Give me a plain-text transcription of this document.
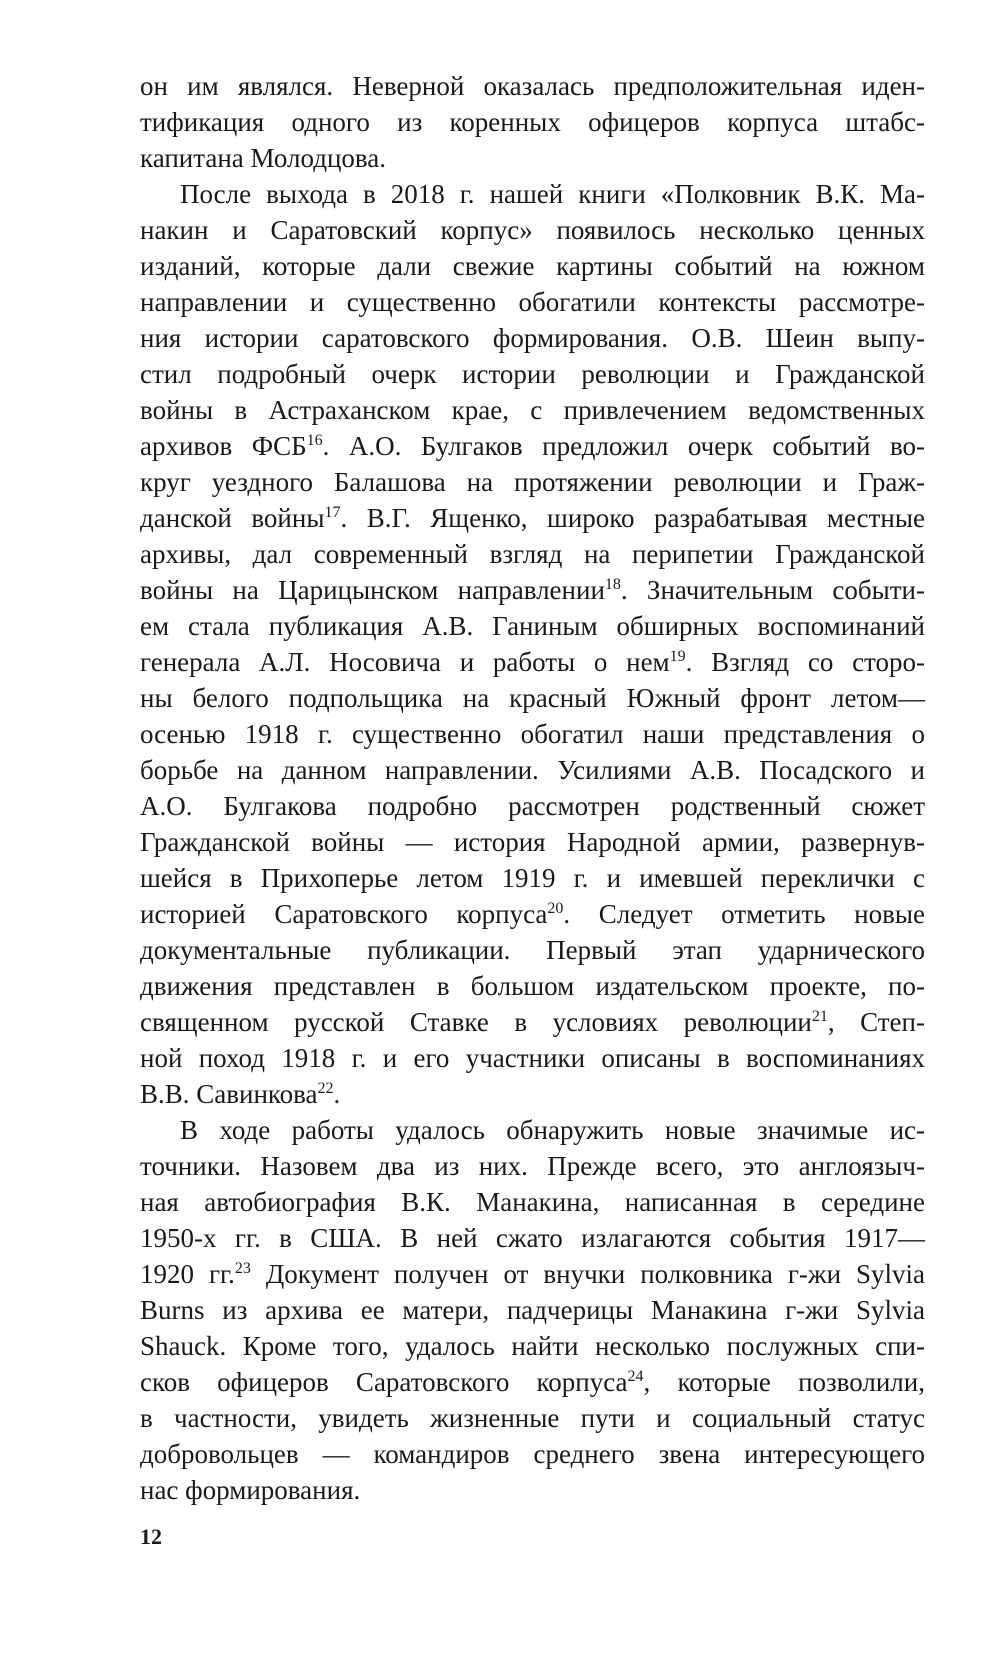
он им являлся. Неверной оказалась предположительная иден-
тификация одного из коренных офицеров корпуса штабс-
капитана Молодцова.
После выхода в 2018 г. нашей книги «Полковник В.К. Ма-
накин и Саратовский корпус» появилось несколько ценных
изданий, которые дали свежие картины событий на южном
направлении и существенно обогатили контексты рассмотре-
ния истории саратовского формирования. О.В. Шеин выпу-
стил подробный очерк истории революции и Гражданской
войны в Астраханском крае, с привлечением ведомственных
архивов ФСБ$^{16}$. А.О. Булгаков предложил очерк событий во-
круг уездного Балашова на протяжении революции и Граж-
данской войны$^{17}$. В.Г. Ященко, широко разрабатывая местные
архивы, дал современный взгляд на перипетии Гражданской
войны на Царицынском направлении$^{18}$. Значительным событи-
ем стала публикация А.В. Ганиным обширных воспоминаний
генерала А.Л. Носовича и работы о нем$^{19}$. Взгляд со сторо-
ны белого подпольщика на красный Южный фронт летом—
осенью 1918 г. существенно обогатил наши представления о
борьбе на данном направлении. Усилиями А.В. Посадского и
А.О. Булгакова подробно рассмотрен родственный сюжет
Гражданской войны — история Народной армии, развернув-
шейся в Прихоперье летом 1919 г. и имевшей переклички с
историей Саратовского корпуса$^{20}$. Следует отметить новые
документальные публикации. Первый этап ударнического
движения представлен в большом издательском проекте, по-
священном русской Ставке в условиях революции$^{21}$, Степ-
ной поход 1918 г. и его участники описаны в воспоминаниях
В.В. Савинкова$^{22}$.
В ходе работы удалось обнаружить новые значимые ис-
точники. Назовем два из них. Прежде всего, это англоязыч-
ная автобиография В.К. Манакина, написанная в середине
1950-х гг. в США. В ней сжато излагаются события 1917—
1920 гг.$^{23}$ Документ получен от внучки полковника г-жи Sylvia
Burns из архива ее матери, падчерицы Манакина г-жи Sylvia
Shauck. Кроме того, удалось найти несколько послужных спи-
сков офицеров Саратовского корпуса$^{24}$, которые позволили,
в частности, увидеть жизненные пути и социальный статус
добровольцев — командиров среднего звена интересующего
нас формирования.
12
